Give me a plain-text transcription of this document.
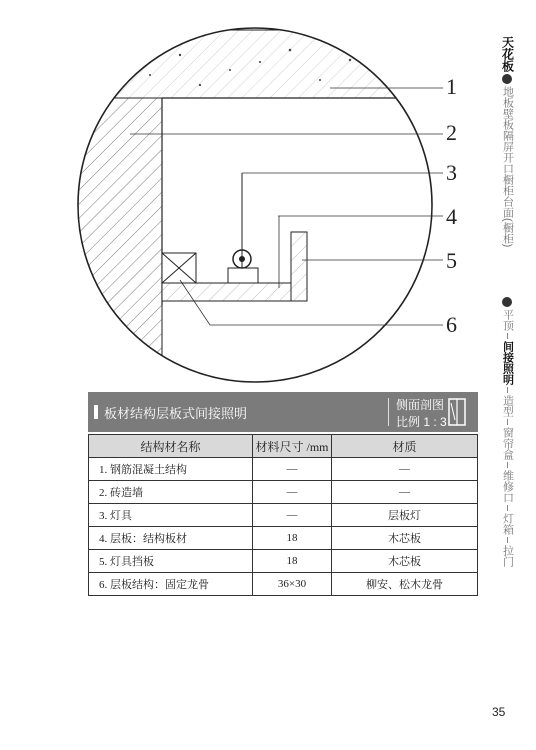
1
2
3
4
5
6
板材结构层板式间接照明
侧面剖图
比例 1 : 3
结构材名称	材料尺寸 /mm	材质
1. 钢筋混凝土结构	—	—
2. 砖造墙	—	—
3. 灯具	—	层板灯
4. 层板：结构板材	18	木芯板
5. 灯具挡板	18	木芯板
6. 层板结构：固定龙骨	36×30	柳安、松木龙骨
天花板
地板
壁板
隔屏
开口
橱柜
台面(橱柜)
平顶
间接照明
造型
窗帘盒
维修口
灯箱
拉门
35
